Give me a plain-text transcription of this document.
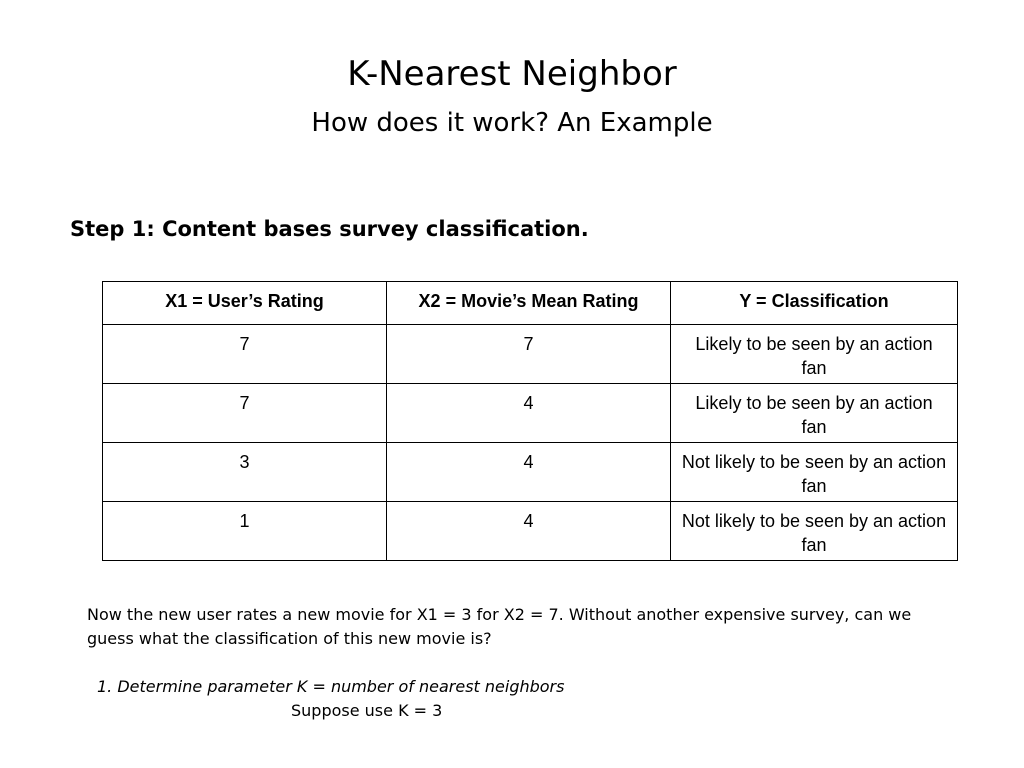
K-Nearest Neighbor
How does it work? An Example
Step 1: Content bases survey classification.
X1 = User’s Rating	X2 = Movie’s Mean Rating	Y = Classification
7	7	Likely to be seen by an action fan
7	4	Likely to be seen by an action fan
3	4	Not likely to be seen by an action fan
1	4	Not likely to be seen by an action fan
Now the new user rates a new movie for X1 = 3 for X2 = 7. Without another expensive survey, can we guess what the classification of this new movie is?
1. Determine parameter K = number of nearest neighbors
Suppose use K = 3
